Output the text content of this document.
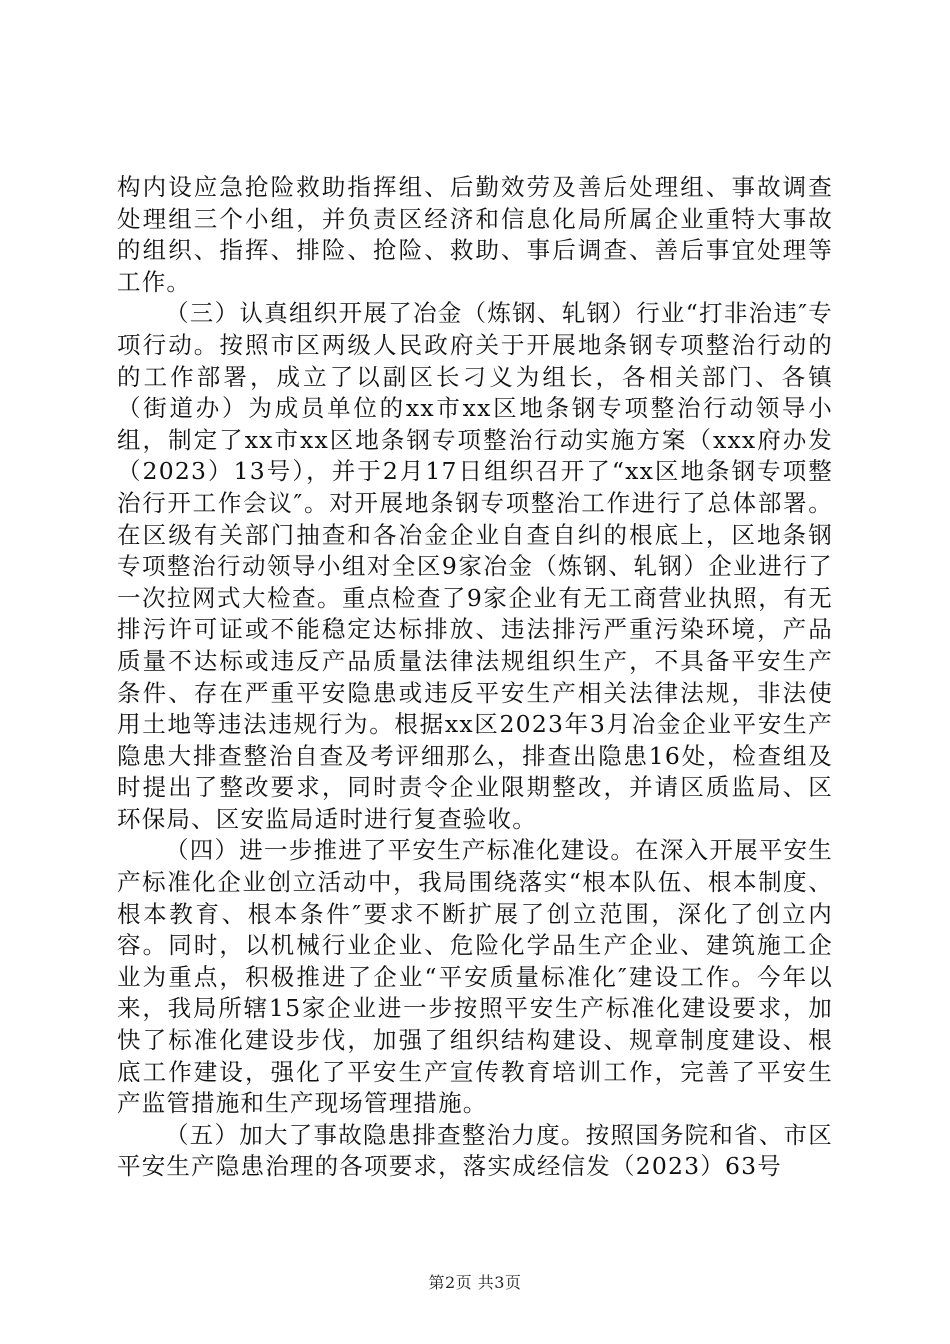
构内设应急抢险救助指挥组、后勤效劳及善后处理组、事故调查处理组三个小组，并负责区经济和信息化局所属企业重特大事故的组织、指挥、排险、抢险、救助、事后调查、善后事宜处理等工作。

（三）认真组织开展了冶金（炼钢、轧钢）行业“打非治违″专项行动。按照市区两级人民政府关于开展地条钢专项整治行动的的工作部署，成立了以副区长刁义为组长，各相关部门、各镇（街道办）为成员单位的xx市xx区地条钢专项整治行动领导小组，制定了xx市xx区地条钢专项整治行动实施方案（xxx府办发（2023）13号），并于2月17日组织召开了“xx区地条钢专项整治行开工作会议″。对开展地条钢专项整治工作进行了总体部署。在区级有关部门抽查和各冶金企业自查自纠的根底上，区地条钢专项整治行动领导小组对全区9家冶金（炼钢、轧钢）企业进行了一次拉网式大检查。重点检查了9家企业有无工商营业执照，有无排污许可证或不能稳定达标排放、违法排污严重污染环境，产品质量不达标或违反产品质量法律法规组织生产，不具备平安生产条件、存在严重平安隐患或违反平安生产相关法律法规，非法使用土地等违法违规行为。根据xx区2023年3月冶金企业平安生产隐患大排查整治自查及考评细那么，排查出隐患16处，检查组及时提出了整改要求，同时责令企业限期整改，并请区质监局、区环保局、区安监局适时进行复查验收。

（四）进一步推进了平安生产标准化建设。在深入开展平安生产标准化企业创立活动中，我局围绕落实“根本队伍、根本制度、根本教育、根本条件″要求不断扩展了创立范围，深化了创立内容。同时，以机械行业企业、危险化学品生产企业、建筑施工企业为重点，积极推进了企业“平安质量标准化″建设工作。今年以来，我局所辖15家企业进一步按照平安生产标准化建设要求，加快了标准化建设步伐，加强了组织结构建设、规章制度建设、根底工作建设，强化了平安生产宣传教育培训工作，完善了平安生产监管措施和生产现场管理措施。

（五）加大了事故隐患排查整治力度。按照国务院和省、市区平安生产隐患治理的各项要求，落实成经信发（2023）63号

第2页 共3页
